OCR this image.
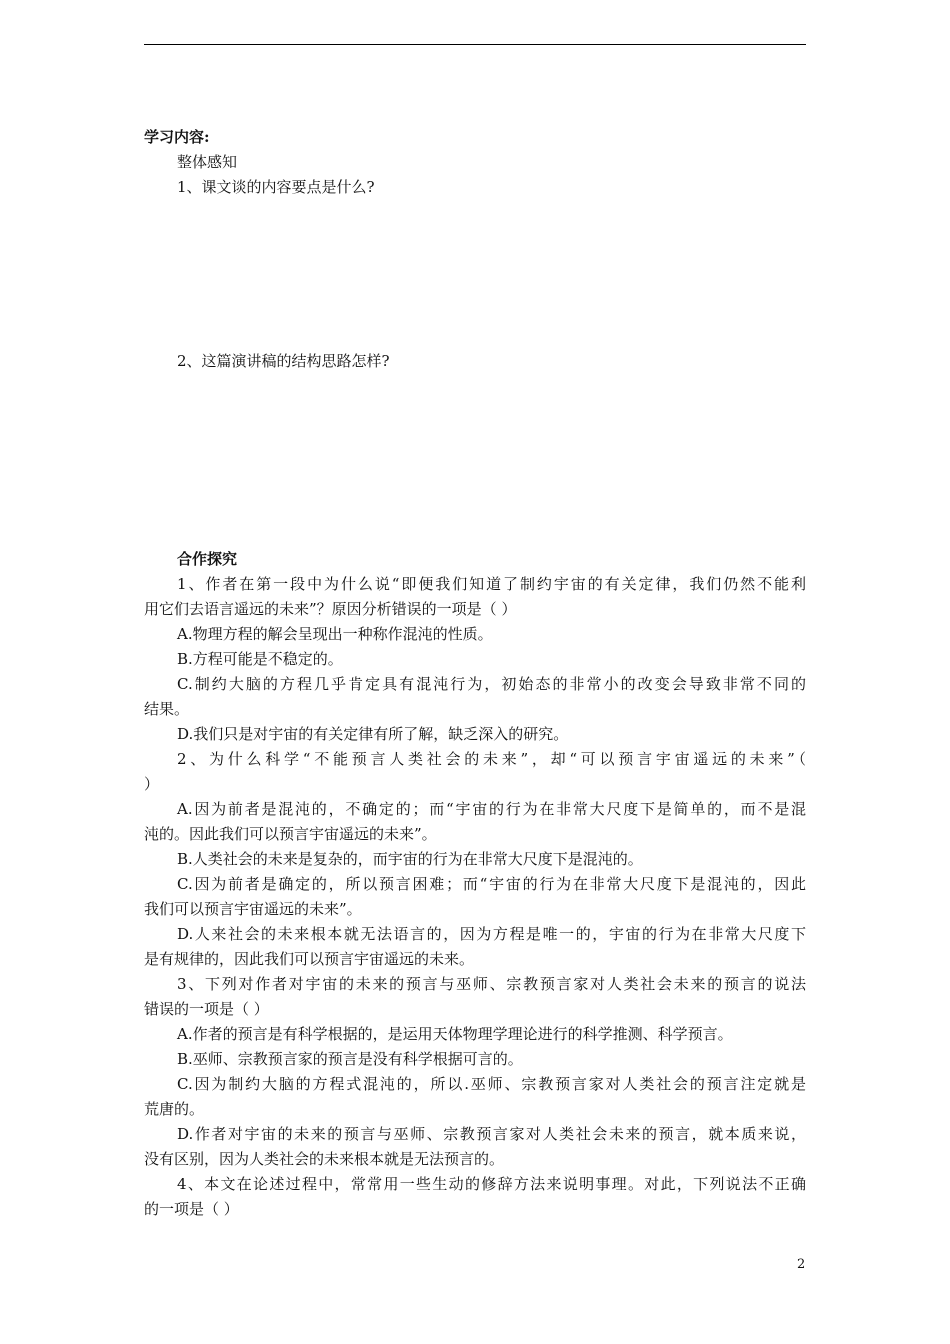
学习内容:
整体感知
1、课文谈的内容要点是什么?
2、这篇演讲稿的结构思路怎样?
合作探究
1、作者在第一段中为什么说“即便我们知道了制约宇宙的有关定律，我们仍然不能利
用它们去语言遥远的未来”？原因分析错误的一项是（ ）
A.物理方程的解会呈现出一种称作混沌的性质。
B.方程可能是不稳定的。
C.制约大脑的方程几乎肯定具有混沌行为，初始态的非常小的改变会导致非常不同的
结果。
D.我们只是对宇宙的有关定律有所了解，缺乏深入的研究。
2、为什么科学“不能预言人类社会的未来”，却“可以预言宇宙遥远的未来”（
）
A.因为前者是混沌的，不确定的；而“宇宙的行为在非常大尺度下是简单的，而不是混
沌的。因此我们可以预言宇宙遥远的未来”。
B.人类社会的未来是复杂的，而宇宙的行为在非常大尺度下是混沌的。
C.因为前者是确定的，所以预言困难；而“宇宙的行为在非常大尺度下是混沌的，因此
我们可以预言宇宙遥远的未来”。
D.人来社会的未来根本就无法语言的，因为方程是唯一的，宇宙的行为在非常大尺度下
是有规律的，因此我们可以预言宇宙遥远的未来。
3、下列对作者对宇宙的未来的预言与巫师、宗教预言家对人类社会未来的预言的说法
错误的一项是（ ）
A.作者的预言是有科学根据的，是运用天体物理学理论进行的科学推测、科学预言。
B.巫师、宗教预言家的预言是没有科学根据可言的。
C.因为制约大脑的方程式混沌的，所以.巫师、宗教预言家对人类社会的预言注定就是
荒唐的。
D.作者对宇宙的未来的预言与巫师、宗教预言家对人类社会未来的预言，就本质来说，
没有区别，因为人类社会的未来根本就是无法预言的。
4、本文在论述过程中，常常用一些生动的修辞方法来说明事理。对此，下列说法不正确
的一项是（ ）
2
